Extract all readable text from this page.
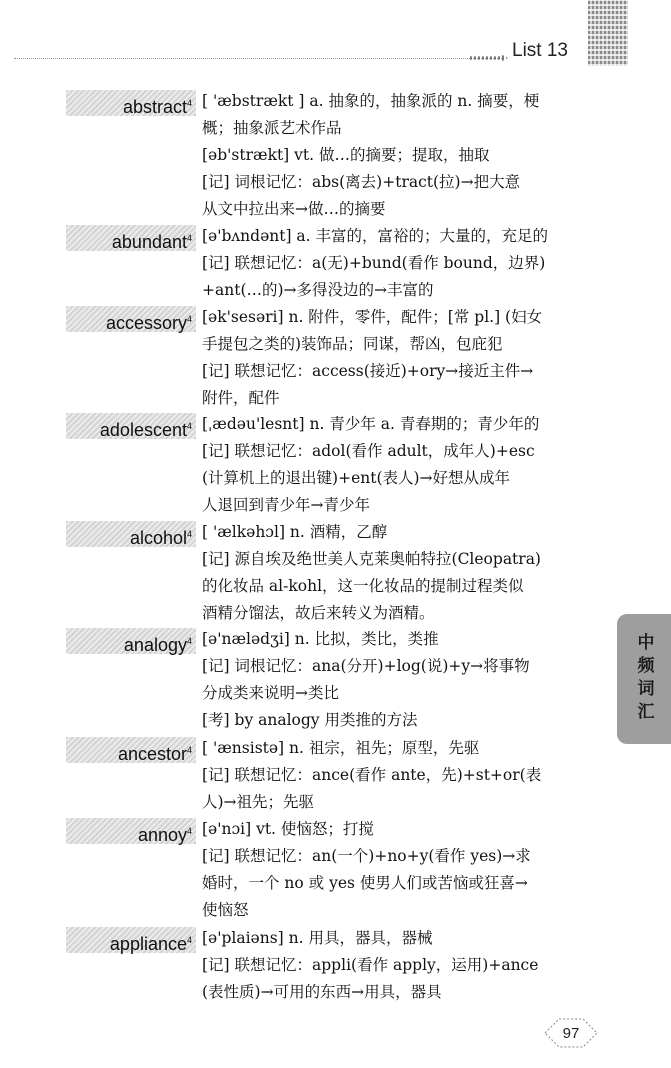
List 13
中频词汇
abstract$^4$ [ 'æbstrækt ] a. 抽象的，抽象派的 n. 摘要，梗
概；抽象派艺术作品
[əb'strækt] vt. 做…的摘要；提取，抽取
[记] 词根记忆：abs(离去)+tract(拉)→把大意
从文中拉出来→做…的摘要
abundant$^4$ [ə'bʌndənt] a. 丰富的，富裕的；大量的，充足的
[记] 联想记忆：a(无)+bund(看作 bound，边界)
+ant(…的)→多得没边的→丰富的
accessory$^4$ [ək'sesəri] n. 附件，零件，配件；[常 pl.] (妇女
手提包之类的)装饰品；同谋，帮凶，包庇犯
[记] 联想记忆：access(接近)+ory→接近主件→
附件，配件
adolescent$^4$ [ˌædəu'lesnt] n. 青少年 a. 青春期的；青少年的
[记] 联想记忆：adol(看作 adult，成年人)+esc
(计算机上的退出键)+ent(表人)→好想从成年
人退回到青少年→青少年
alcohol$^4$ [ 'ælkəhɔl] n. 酒精，乙醇
[记] 源自埃及绝世美人克莱奥帕特拉(Cleopatra)
的化妆品 al-kohl，这一化妆品的提制过程类似
酒精分馏法，故后来转义为酒精。
analogy$^4$ [ə'nælədʒi] n. 比拟，类比，类推
[记] 词根记忆：ana(分开)+log(说)+y→将事物
分成类来说明→类比
[考] by analogy 用类推的方法
ancestor$^4$ [ 'ænsistə] n. 祖宗，祖先；原型，先驱
[记] 联想记忆：ance(看作 ante，先)+st+or(表
人)→祖先；先驱
annoy$^4$ [ə'nɔi] vt. 使恼怒；打搅
[记] 联想记忆：an(一个)+no+y(看作 yes)→求
婚时，一个 no 或 yes 使男人们或苦恼或狂喜→
使恼怒
appliance$^4$ [ə'plaiəns] n. 用具，器具，器械
[记] 联想记忆：appli(看作 apply，运用)+ance
(表性质)→可用的东西→用具，器具
97
